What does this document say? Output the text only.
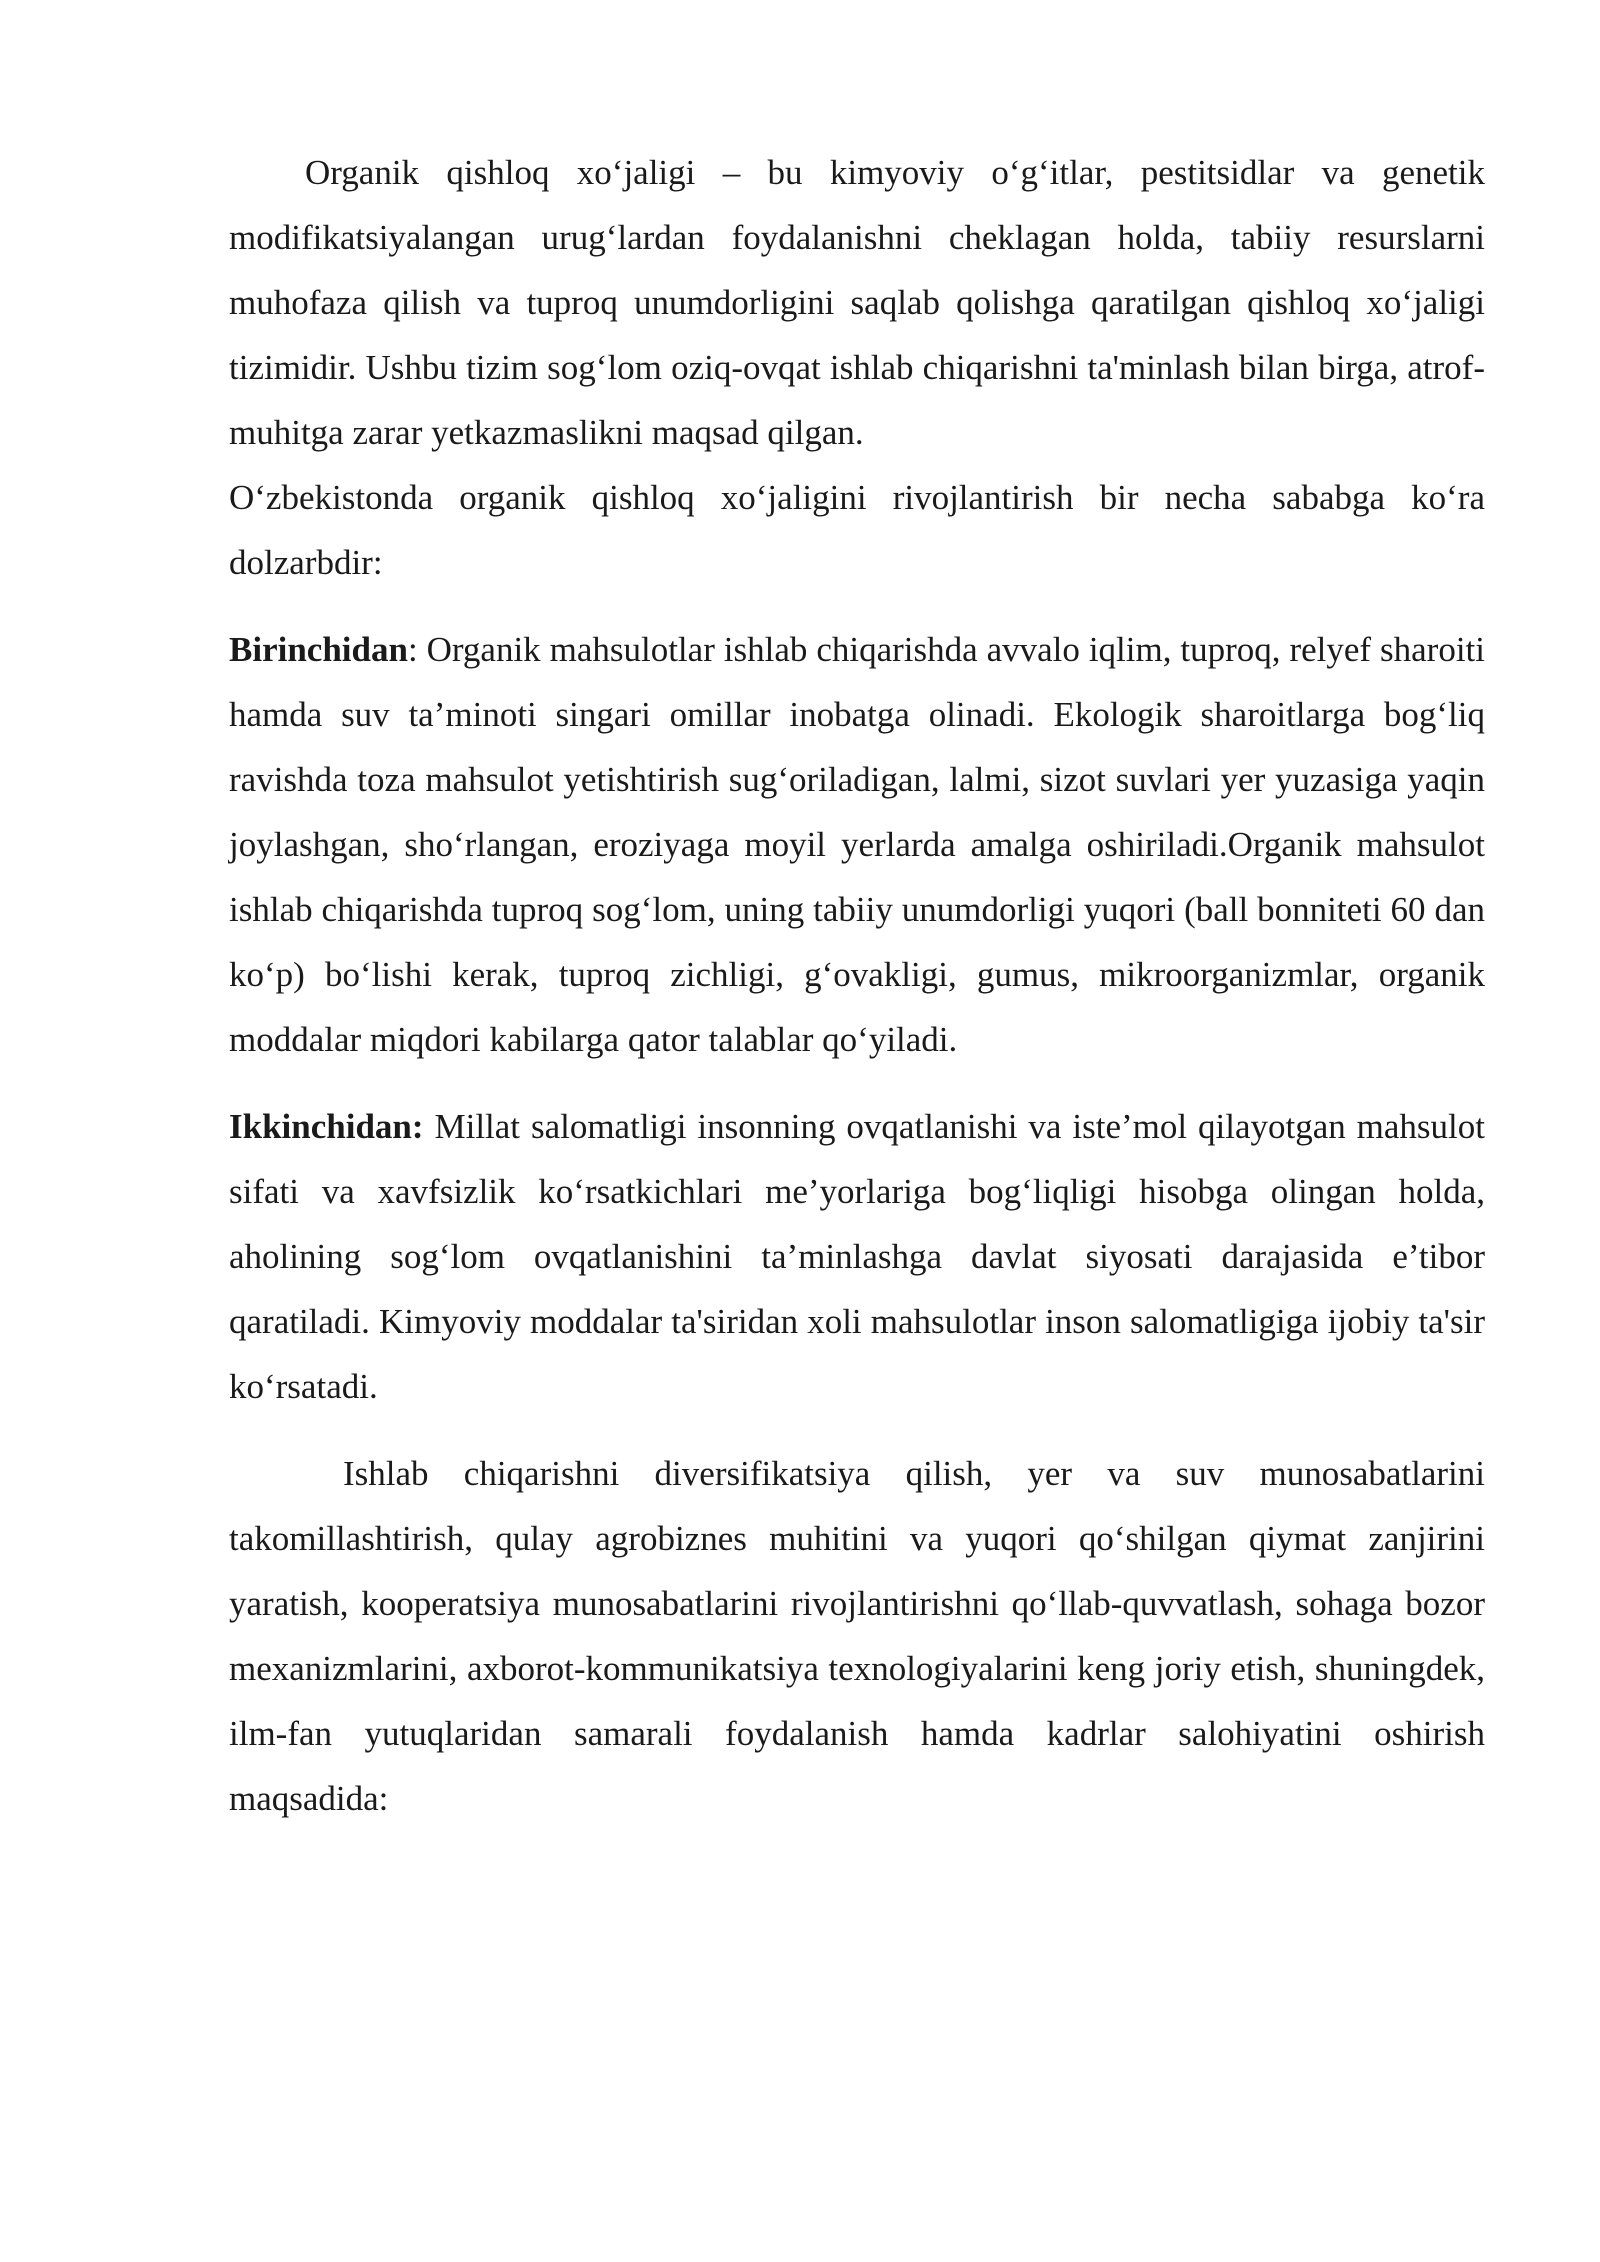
Organik qishloq xo‘jaligi – bu kimyoviy o‘g‘itlar, pestitsidlar va genetik modifikatsiyalangan urug‘lardan foydalanishni cheklagan holda, tabiiy resurslarni muhofaza qilish va tuproq unumdorligini saqlab qolishga qaratilgan qishloq xo‘jaligi tizimidir. Ushbu tizim sog‘lom oziq-ovqat ishlab chiqarishni ta'minlash bilan birga, atrof-muhitga zarar yetkazmaslikni maqsad qilgan.
O‘zbekistonda organik qishloq xo‘jaligini rivojlantirish bir necha sababga ko‘ra dolzarbdir:

Birinchidan: Organik mahsulotlar ishlab chiqarishda avvalo iqlim, tuproq, relyef sharoiti hamda suv ta’minoti singari omillar inobatga olinadi. Ekologik sharoitlarga bog‘liq ravishda toza mahsulot yetishtirish sug‘oriladigan, lalmi, sizot suvlari yer yuzasiga yaqin joylashgan, sho‘rlangan, eroziyaga moyil yerlarda amalga oshiriladi.Organik mahsulot ishlab chiqarishda tuproq sog‘lom, uning tabiiy unumdorligi yuqori (ball bonniteti 60 dan ko‘p) bo‘lishi kerak, tuproq zichligi, g‘ovakligi, gumus, mikroorganizmlar, organik moddalar miqdori kabilarga qator talablar qo‘yiladi.

Ikkinchidan: Millat salomatligi insonning ovqatlanishi va iste’mol qilayotgan mahsulot sifati va xavfsizlik ko‘rsatkichlari me’yorlariga bog‘liqligi hisobga olingan holda, aholining sog‘lom ovqatlanishini ta’minlashga davlat siyosati darajasida e’tibor qaratiladi. Kimyoviy moddalar ta'siridan xoli mahsulotlar inson salomatligiga ijobiy ta'sir ko‘rsatadi.

Ishlab chiqarishni diversifikatsiya qilish, yer va suv munosabatlarini takomillashtirish, qulay agrobiznes muhitini va yuqori qo‘shilgan qiymat zanjirini yaratish, kooperatsiya munosabatlarini rivojlantirishni qo‘llab-quvvatlash, sohaga bozor mexanizmlarini, axborot-kommunikatsiya texnologiyalarini keng joriy etish, shuningdek, ilm-fan yutuqlaridan samarali foydalanish hamda kadrlar salohiyatini oshirish maqsadida:
